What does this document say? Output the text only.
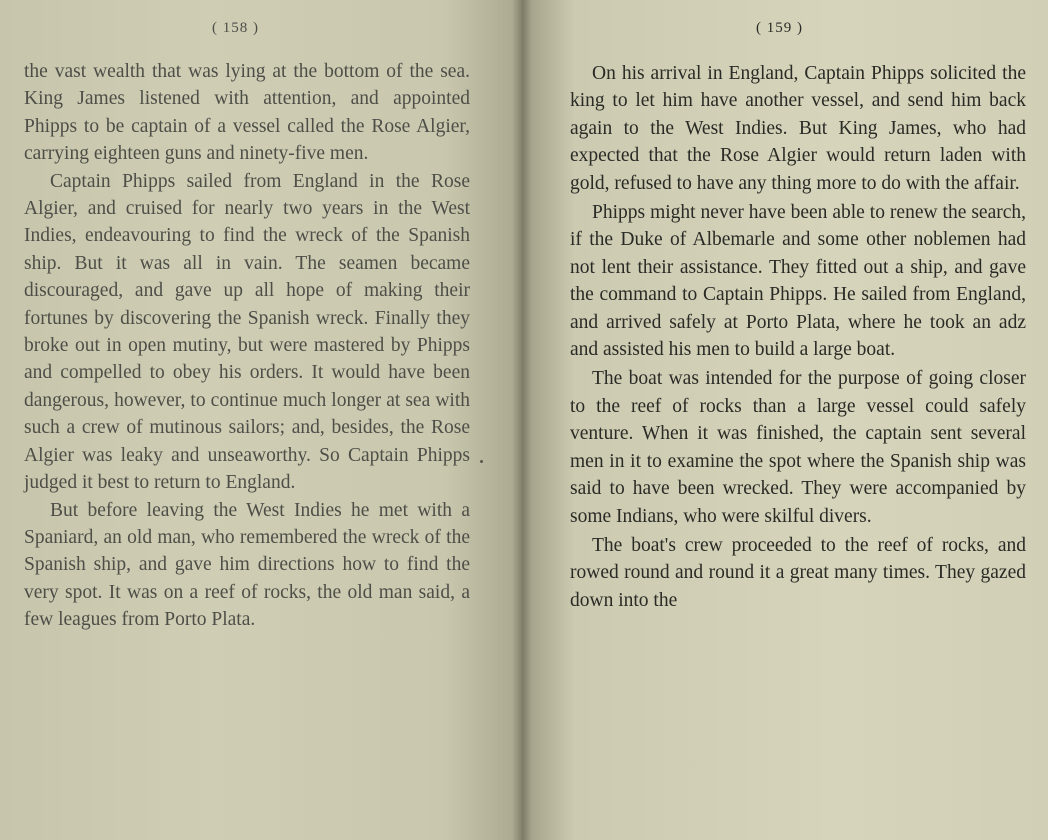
( 158 )

the vast wealth that was lying at the bottom of the sea. King James listened with attention, and appointed Phipps to be captain of a vessel called the Rose Algier, carrying eighteen guns and ninety-five men.

Captain Phipps sailed from England in the Rose Algier, and cruised for nearly two years in the West Indies, endeavouring to find the wreck of the Spanish ship. But it was all in vain. The seamen became discouraged, and gave up all hope of making their fortunes by discovering the Spanish wreck. Finally they broke out in open mutiny, but were mastered by Phipps and compelled to obey his orders. It would have been dangerous, however, to continue much longer at sea with such a crew of mutinous sailors; and, besides, the Rose Algier was leaky and unseaworthy. So Captain Phipps judged it best to return to England.

But before leaving the West Indies he met with a Spaniard, an old man, who remembered the wreck of the Spanish ship, and gave him directions how to find the very spot. It was on a reef of rocks, the old man said, a few leagues from Porto Plata.

( 159 )

On his arrival in England, Captain Phipps solicited the king to let him have another vessel, and send him back again to the West Indies. But King James, who had expected that the Rose Algier would return laden with gold, refused to have any thing more to do with the affair.

Phipps might never have been able to renew the search, if the Duke of Albemarle and some other noblemen had not lent their assistance. They fitted out a ship, and gave the command to Captain Phipps. He sailed from England, and arrived safely at Porto Plata, where he took an adz and assisted his men to build a large boat.

The boat was intended for the purpose of going closer to the reef of rocks than a large vessel could safely venture. When it was finished, the captain sent several men in it to examine the spot where the Spanish ship was said to have been wrecked. They were accompanied by some Indians, who were skilful divers.

The boat's crew proceeded to the reef of rocks, and rowed round and round it a great many times. They gazed down into the
